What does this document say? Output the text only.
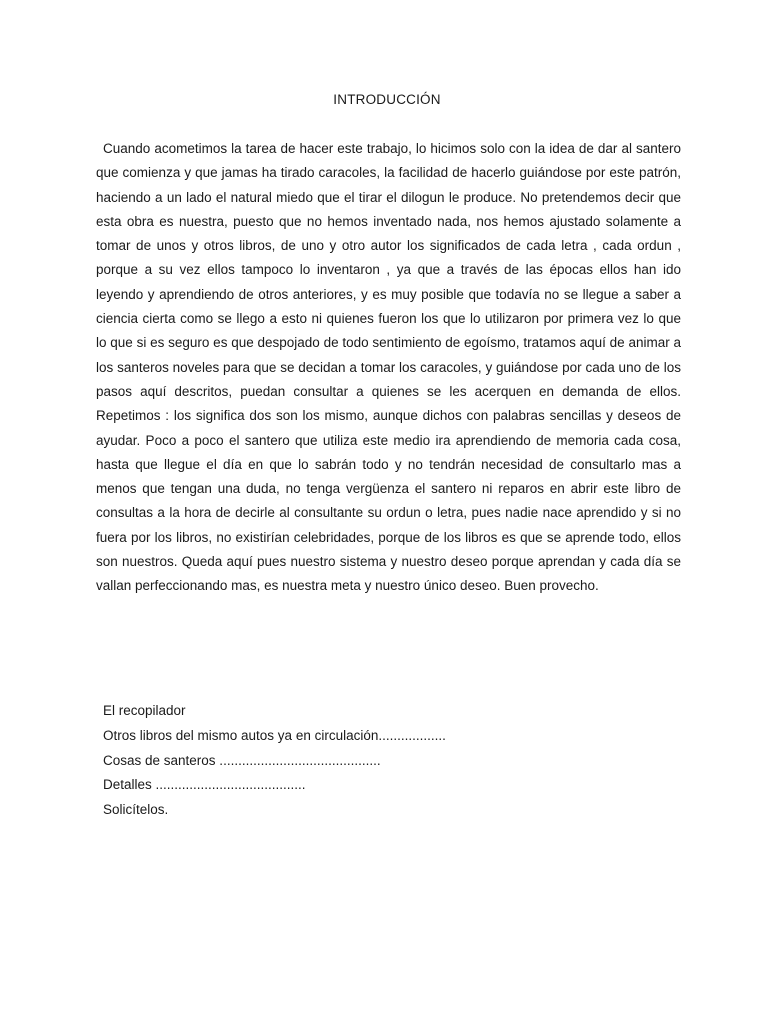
INTRODUCCIÓN

Cuando acometimos la tarea de hacer este trabajo, lo hicimos solo con la idea de dar al santero que comienza y que jamas ha tirado caracoles, la facilidad de hacerlo guiándose por este patrón, haciendo a un lado el natural miedo que el tirar el dilogun le produce. No pretendemos decir que esta obra es nuestra, puesto que no hemos inventado nada, nos hemos ajustado solamente a tomar de unos y otros libros, de uno y otro autor los significados de cada letra , cada ordun , porque a su vez ellos tampoco lo inventaron , ya que a través de las épocas ellos han ido leyendo y aprendiendo de otros anteriores, y es muy posible que todavía no se llegue a saber a ciencia cierta como se llego a esto ni quienes fueron los que lo utilizaron por primera vez lo que lo que si es seguro es que despojado de todo sentimiento de egoísmo, tratamos aquí de animar a los santeros noveles para que se decidan a tomar los caracoles, y guiándose por cada uno de los pasos aquí descritos, puedan consultar a quienes se les acerquen en demanda de ellos. Repetimos : los significa dos son los mismo, aunque dichos con palabras sencillas y deseos de ayudar. Poco a poco el santero que utiliza este medio ira aprendiendo de memoria cada cosa, hasta que llegue el día en que lo sabrán todo y no tendrán necesidad de consultarlo mas a menos que tengan una duda, no tenga vergüenza el santero ni reparos en abrir este libro de consultas a la hora de decirle al consultante su ordun o letra, pues nadie nace aprendido y si no fuera por los libros, no existirían celebridades, porque de los libros es que se aprende todo, ellos son nuestros. Queda aquí pues nuestro sistema y nuestro deseo porque aprendan y cada día se vallan perfeccionando mas, es nuestra meta y nuestro único deseo. Buen provecho.

El recopilador
Otros libros del mismo autos ya en circulación..................
Cosas de santeros ...........................................
Detalles ........................................
Solicítelos.
